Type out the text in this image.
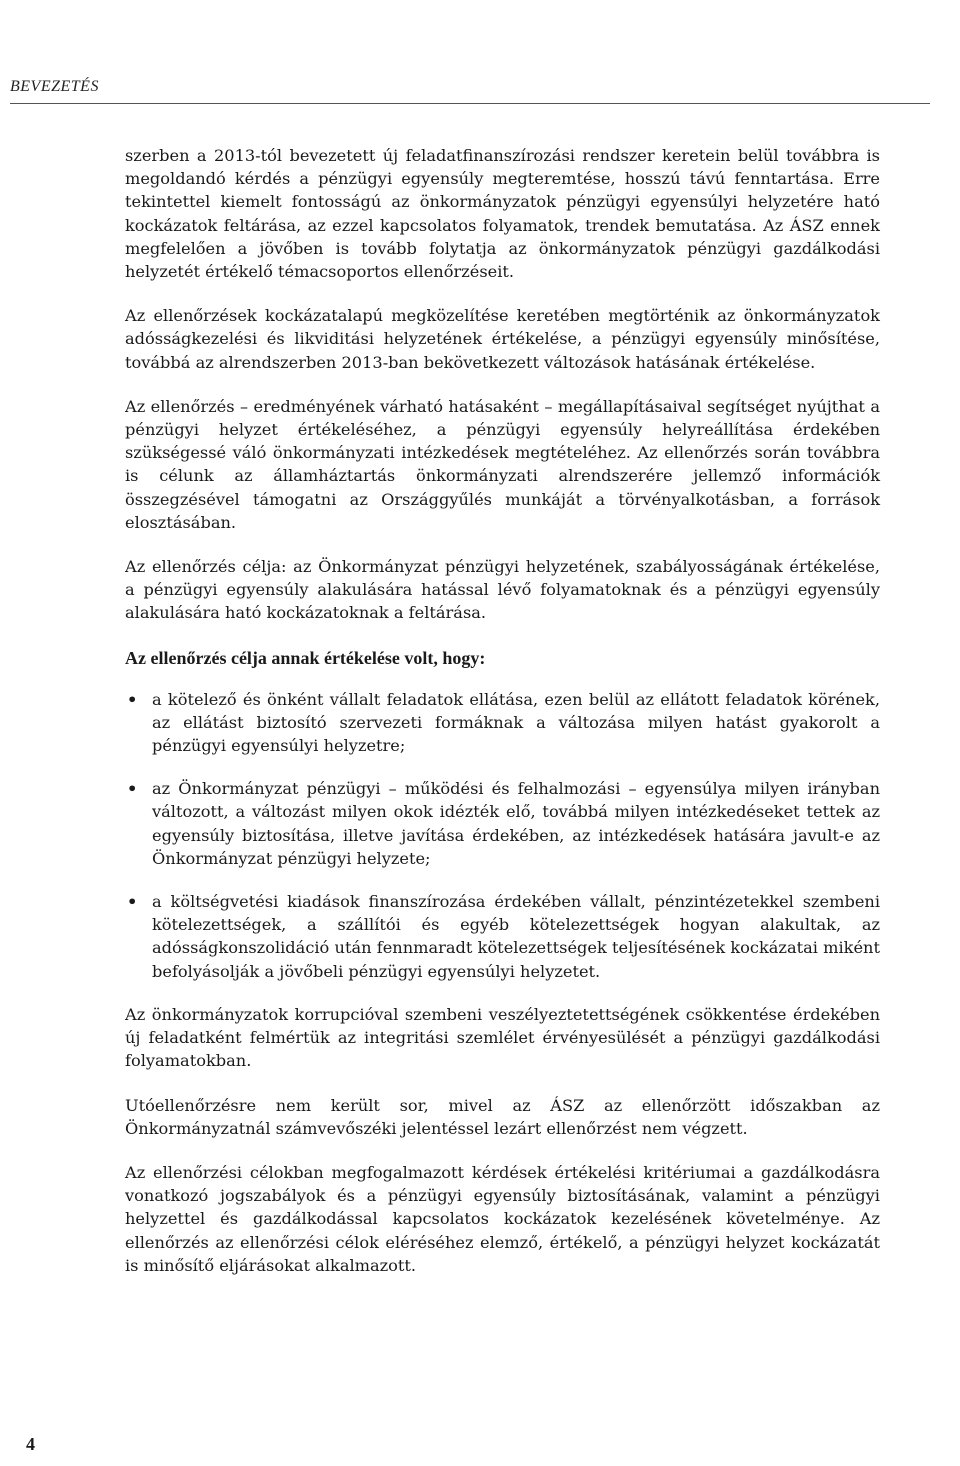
BEVEZETÉS

szerben a 2013-tól bevezetett új feladatfinanszírozási rendszer keretein belül továbbra is megoldandó kérdés a pénzügyi egyensúly megteremtése, hosszú távú fenntartása. Erre tekintettel kiemelt fontosságú az önkormányzatok pénzügyi egyensúlyi helyzetére ható kockázatok feltárása, az ezzel kapcsolatos folyamatok, trendek bemutatása. Az ÁSZ ennek megfelelően a jövőben is tovább folytatja az önkormányzatok pénzügyi gazdálkodási helyzetét értékelő témacsoportos ellenőrzéseit.

Az ellenőrzések kockázatalapú megközelítése keretében megtörténik az önkormányzatok adósságkezelési és likviditási helyzetének értékelése, a pénzügyi egyensúly minősítése, továbbá az alrendszerben 2013-ban bekövetkezett változások hatásának értékelése.

Az ellenőrzés – eredményének várható hatásaként – megállapításaival segítséget nyújthat a pénzügyi helyzet értékeléséhez, a pénzügyi egyensúly helyreállítása érdekében szükségessé váló önkormányzati intézkedések megtételéhez. Az ellenőrzés során továbbra is célunk az államháztartás önkormányzati alrendszerére jellemző információk összegzésével támogatni az Országgyűlés munkáját a törvényalkotásban, a források elosztásában.

Az ellenőrzés célja: az Önkormányzat pénzügyi helyzetének, szabályosságának értékelése, a pénzügyi egyensúly alakulására hatással lévő folyamatoknak és a pénzügyi egyensúly alakulására ható kockázatoknak a feltárása.

Az ellenőrzés célja annak értékelése volt, hogy:
• a kötelező és önként vállalt feladatok ellátása, ezen belül az ellátott feladatok körének, az ellátást biztosító szervezeti formáknak a változása milyen hatást gyakorolt a pénzügyi egyensúlyi helyzetre;
• az Önkormányzat pénzügyi – működési és felhalmozási – egyensúlya milyen irányban változott, a változást milyen okok idézték elő, továbbá milyen intézkedéseket tettek az egyensúly biztosítása, illetve javítása érdekében, az intézkedések hatására javult-e az Önkormányzat pénzügyi helyzete;
• a költségvetési kiadások finanszírozása érdekében vállalt, pénzintézetekkel szembeni kötelezettségek, a szállítói és egyéb kötelezettségek hogyan alakultak, az adósságkonszolidáció után fennmaradt kötelezettségek teljesítésének kockázatai miként befolyásolják a jövőbeli pénzügyi egyensúlyi helyzetet.

Az önkormányzatok korrupcióval szembeni veszélyeztetettségének csökkentése érdekében új feladatként felmértük az integritási szemlélet érvényesülését a pénzügyi gazdálkodási folyamatokban.

Utóellenőrzésre nem került sor, mivel az ÁSZ az ellenőrzött időszakban az Önkormányzatnál számvevőszéki jelentéssel lezárt ellenőrzést nem végzett.

Az ellenőrzési célokban megfogalmazott kérdések értékelési kritériumai a gazdálkodásra vonatkozó jogszabályok és a pénzügyi egyensúly biztosításának, valamint a pénzügyi helyzettel és gazdálkodással kapcsolatos kockázatok kezelésének követelménye. Az ellenőrzés az ellenőrzési célok eléréséhez elemző, értékelő, a pénzügyi helyzet kockázatát is minősítő eljárásokat alkalmazott.

4
